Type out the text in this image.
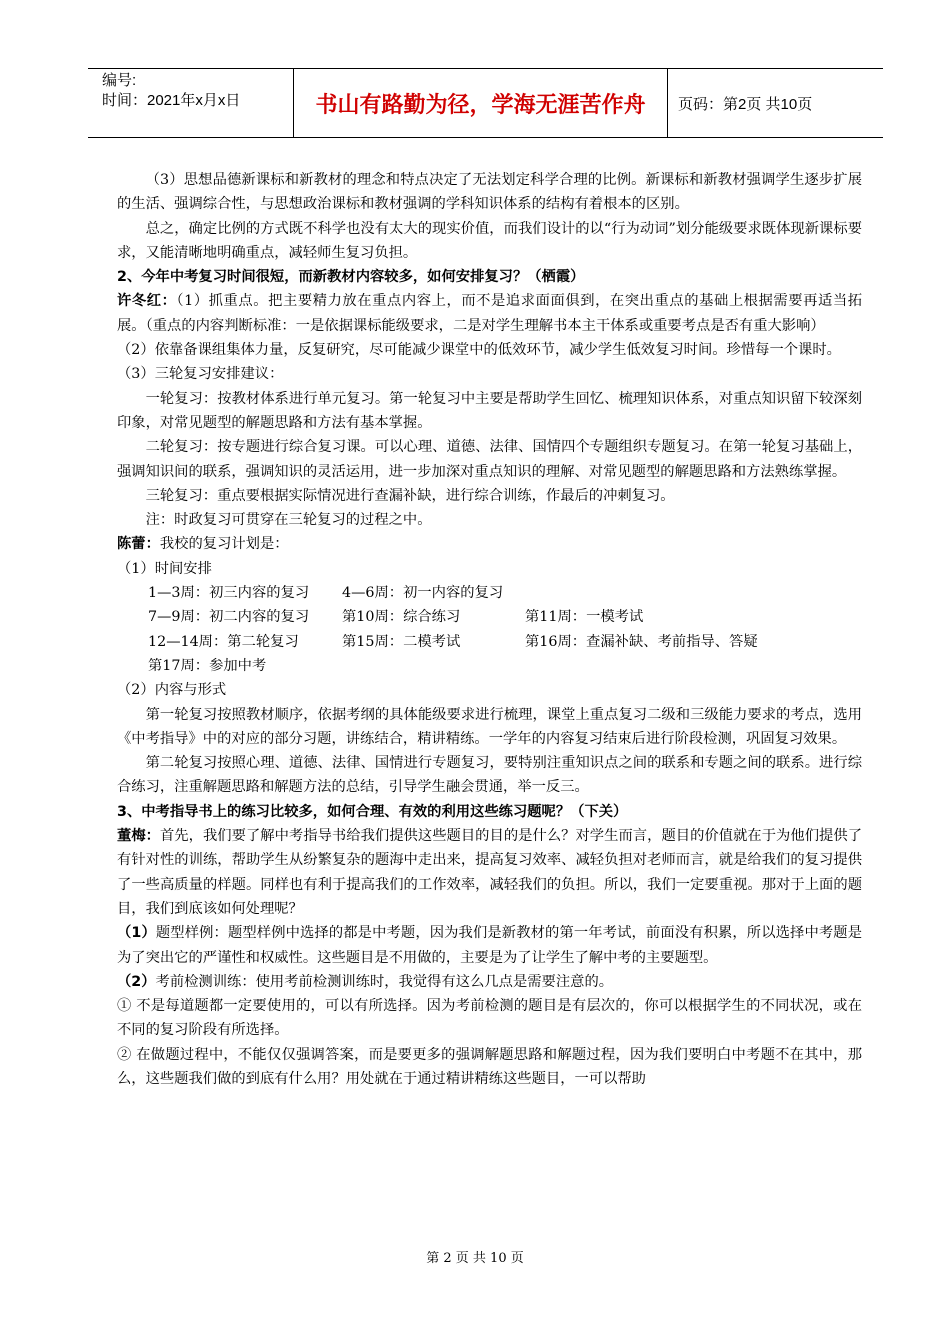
编号:
时间：2021年x月x日	书山有路勤为径，学海无涯苦作舟	页码：第2页 共10页

（3）思想品德新课标和新教材的理念和特点决定了无法划定科学合理的比例。新课标和新教材强调学生逐步扩展的生活、强调综合性，与思想政治课标和教材强调的学科知识体系的结构有着根本的区别。

总之，确定比例的方式既不科学也没有太大的现实价值，而我们设计的以“行为动词”划分能级要求既体现新课标要求，又能清晰地明确重点，减轻师生复习负担。

2、今年中考复习时间很短，而新教材内容较多，如何安排复习？（栖霞）

许冬红：（1）抓重点。把主要精力放在重点内容上，而不是追求面面俱到，在突出重点的基础上根据需要再适当拓展。（重点的内容判断标准：一是依据课标能级要求，二是对学生理解书本主干体系或重要考点是否有重大影响）

（2）依靠备课组集体力量，反复研究，尽可能减少课堂中的低效环节，减少学生低效复习时间。珍惜每一个课时。

（3）三轮复习安排建议：

一轮复习：按教材体系进行单元复习。第一轮复习中主要是帮助学生回忆、梳理知识体系，对重点知识留下较深刻印象，对常见题型的解题思路和方法有基本掌握。

二轮复习：按专题进行综合复习课。可以心理、道德、法律、国情四个专题组织专题复习。在第一轮复习基础上，强调知识间的联系，强调知识的灵活运用，进一步加深对重点知识的理解、对常见题型的解题思路和方法熟练掌握。

三轮复习：重点要根据实际情况进行查漏补缺，进行综合训练，作最后的冲刺复习。

注：时政复习可贯穿在三轮复习的过程之中。

陈蕾：我校的复习计划是：

（1）时间安排

1—3周：初三内容的复习	4—6周：初一内容的复习
7—9周：初二内容的复习	第10周：综合练习	第11周：一模考试
12—14周：第二轮复习	第15周：二模考试	第16周：查漏补缺、考前指导、答疑
第17周：参加中考

（2）内容与形式

第一轮复习按照教材顺序，依据考纲的具体能级要求进行梳理，课堂上重点复习二级和三级能力要求的考点，选用《中考指导》中的对应的部分习题，讲练结合，精讲精练。一学年的内容复习结束后进行阶段检测，巩固复习效果。

第二轮复习按照心理、道德、法律、国情进行专题复习，要特别注重知识点之间的联系和专题之间的联系。进行综合练习，注重解题思路和解题方法的总结，引导学生融会贯通，举一反三。

3、中考指导书上的练习比较多，如何合理、有效的利用这些练习题呢？（下关）

董梅：首先，我们要了解中考指导书给我们提供这些题目的目的是什么？对学生而言，题目的价值就在于为他们提供了有针对性的训练，帮助学生从纷繁复杂的题海中走出来，提高复习效率、减轻负担对老师而言，就是给我们的复习提供了一些高质量的样题。同样也有利于提高我们的工作效率，减轻我们的负担。所以，我们一定要重视。那对于上面的题目，我们到底该如何处理呢？

（1）题型样例：题型样例中选择的都是中考题，因为我们是新教材的第一年考试，前面没有积累，所以选择中考题是为了突出它的严谨性和权威性。这些题目是不用做的，主要是为了让学生了解中考的主要题型。

（2）考前检测训练：使用考前检测训练时，我觉得有这么几点是需要注意的。

① 不是每道题都一定要使用的，可以有所选择。因为考前检测的题目是有层次的，你可以根据学生的不同状况，或在不同的复习阶段有所选择。

② 在做题过程中，不能仅仅强调答案，而是要更多的强调解题思路和解题过程，因为我们要明白中考题不在其中，那么，这些题我们做的到底有什么用？用处就在于通过精讲精练这些题目，一可以帮助

第 2 页 共 10 页
